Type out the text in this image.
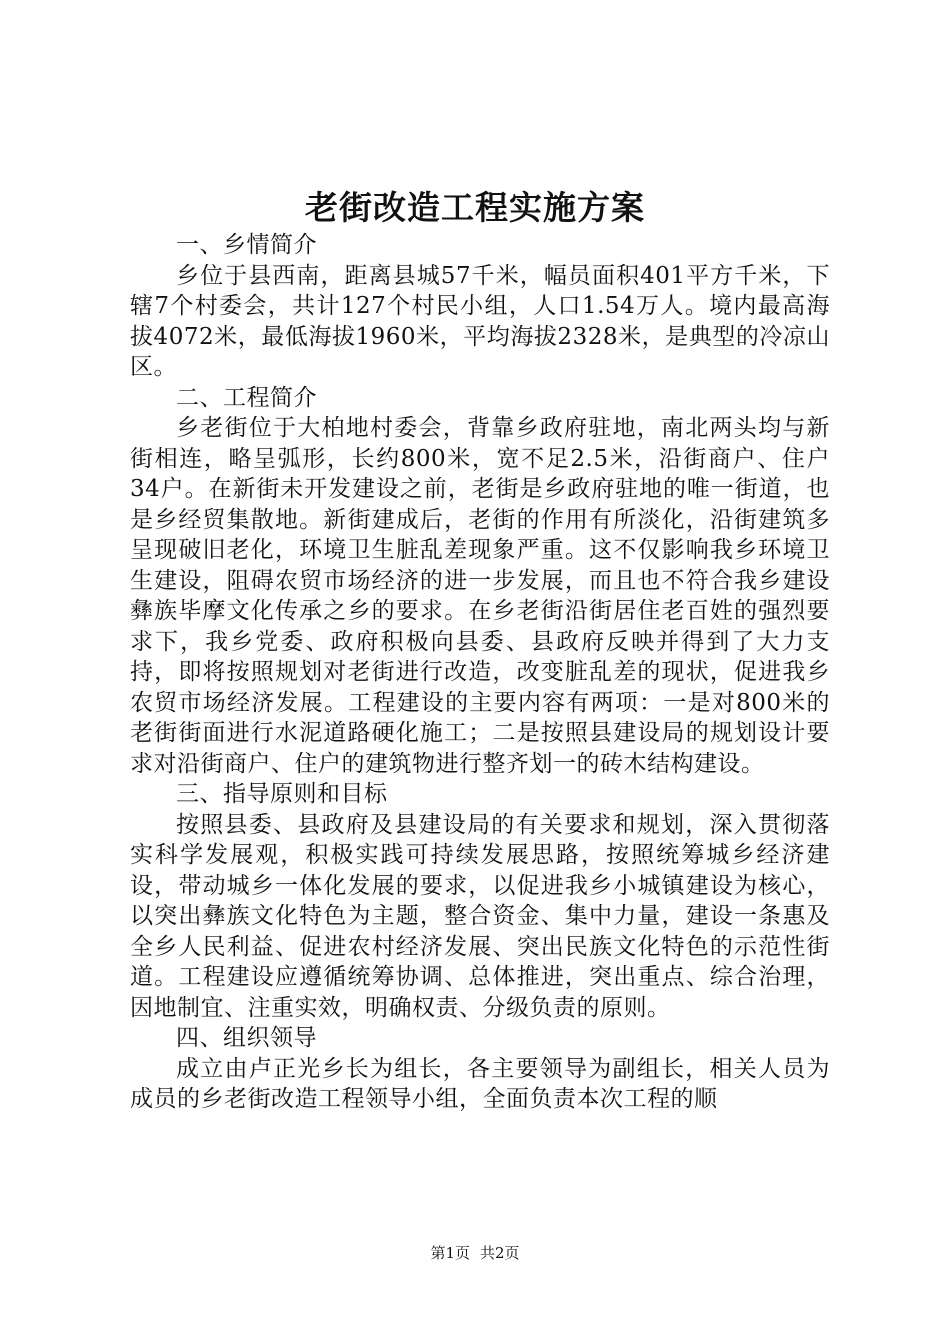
老街改造工程实施方案

一、乡情简介

乡位于县西南，距离县城57千米，幅员面积401平方千米，下辖7个村委会，共计127个村民小组，人口1.54万人。境内最高海拔4072米，最低海拔1960米，平均海拔2328米，是典型的冷凉山区。

二、工程简介

乡老街位于大柏地村委会，背靠乡政府驻地，南北两头均与新街相连，略呈弧形，长约800米，宽不足2.5米，沿街商户、住户34户。在新街未开发建设之前，老街是乡政府驻地的唯一街道，也是乡经贸集散地。新街建成后，老街的作用有所淡化，沿街建筑多呈现破旧老化，环境卫生脏乱差现象严重。这不仅影响我乡环境卫生建设，阻碍农贸市场经济的进一步发展，而且也不符合我乡建设彝族毕摩文化传承之乡的要求。在乡老街沿街居住老百姓的强烈要求下，我乡党委、政府积极向县委、县政府反映并得到了大力支持，即将按照规划对老街进行改造，改变脏乱差的现状，促进我乡农贸市场经济发展。工程建设的主要内容有两项：一是对800米的老街街面进行水泥道路硬化施工；二是按照县建设局的规划设计要求对沿街商户、住户的建筑物进行整齐划一的砖木结构建设。

三、指导原则和目标

按照县委、县政府及县建设局的有关要求和规划，深入贯彻落实科学发展观，积极实践可持续发展思路，按照统筹城乡经济建设，带动城乡一体化发展的要求，以促进我乡小城镇建设为核心，以突出彝族文化特色为主题，整合资金、集中力量，建设一条惠及全乡人民利益、促进农村经济发展、突出民族文化特色的示范性街道。工程建设应遵循统筹协调、总体推进，突出重点、综合治理，因地制宜、注重实效，明确权责、分级负责的原则。

四、组织领导

成立由卢正光乡长为组长，各主要领导为副组长，相关人员为成员的乡老街改造工程领导小组，全面负责本次工程的顺

第1页 共2页
